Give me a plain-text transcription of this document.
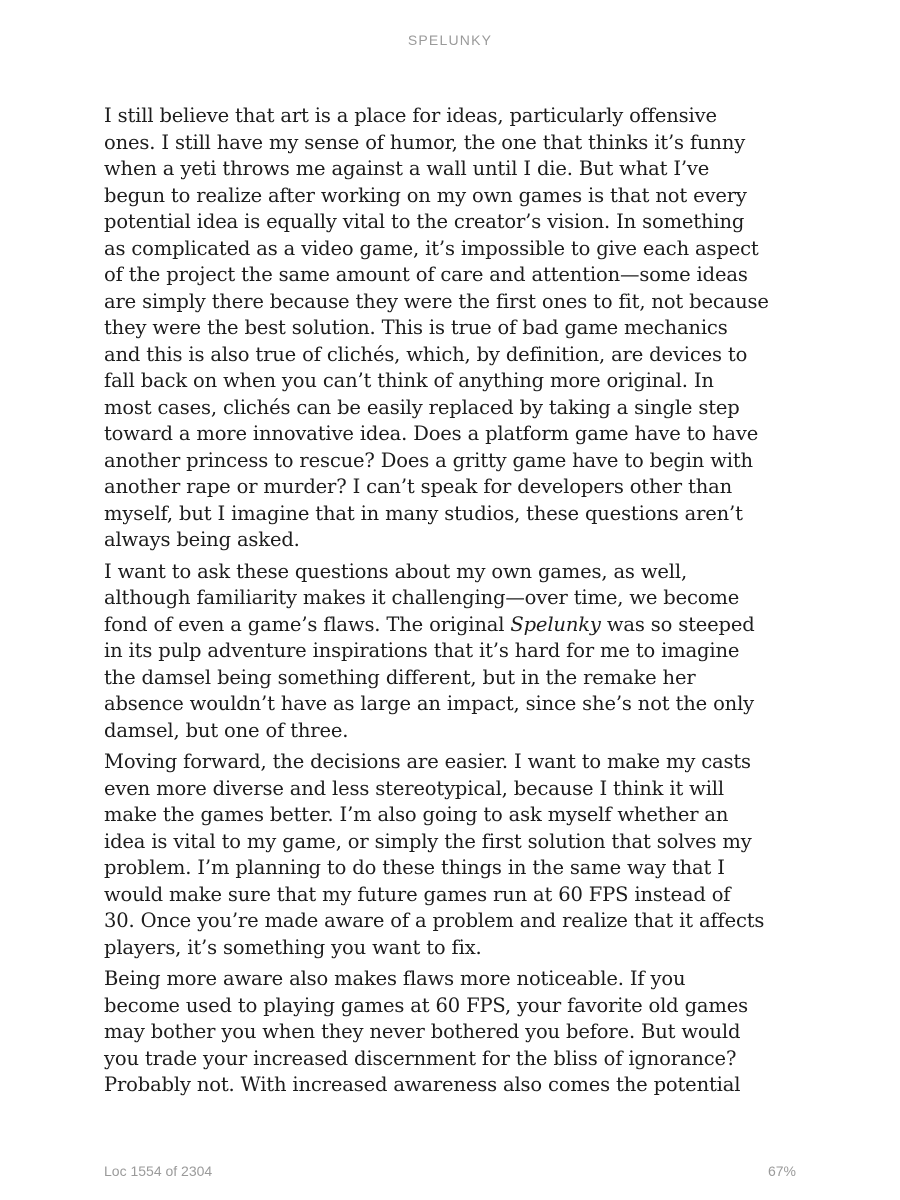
SPELUNKY

I still believe that art is a place for ideas, particularly offensive
ones. I still have my sense of humor, the one that thinks it’s funny
when a yeti throws me against a wall until I die. But what I’ve
begun to realize after working on my own games is that not every
potential idea is equally vital to the creator’s vision. In something
as complicated as a video game, it’s impossible to give each aspect
of the project the same amount of care and attention—some ideas
are simply there because they were the first ones to fit, not because
they were the best solution. This is true of bad game mechanics
and this is also true of clichés, which, by definition, are devices to
fall back on when you can’t think of anything more original. In
most cases, clichés can be easily replaced by taking a single step
toward a more innovative idea. Does a platform game have to have
another princess to rescue? Does a gritty game have to begin with
another rape or murder? I can’t speak for developers other than
myself, but I imagine that in many studios, these questions aren’t
always being asked.

I want to ask these questions about my own games, as well,
although familiarity makes it challenging—over time, we become
fond of even a game’s flaws. The original Spelunky was so steeped
in its pulp adventure inspirations that it’s hard for me to imagine
the damsel being something different, but in the remake her
absence wouldn’t have as large an impact, since she’s not the only
damsel, but one of three.

Moving forward, the decisions are easier. I want to make my casts
even more diverse and less stereotypical, because I think it will
make the games better. I’m also going to ask myself whether an
idea is vital to my game, or simply the first solution that solves my
problem. I’m planning to do these things in the same way that I
would make sure that my future games run at 60 FPS instead of
30. Once you’re made aware of a problem and realize that it affects
players, it’s something you want to fix.

Being more aware also makes flaws more noticeable. If you
become used to playing games at 60 FPS, your favorite old games
may bother you when they never bothered you before. But would
you trade your increased discernment for the bliss of ignorance?
Probably not. With increased awareness also comes the potential

Loc 1554 of 2304	67%
